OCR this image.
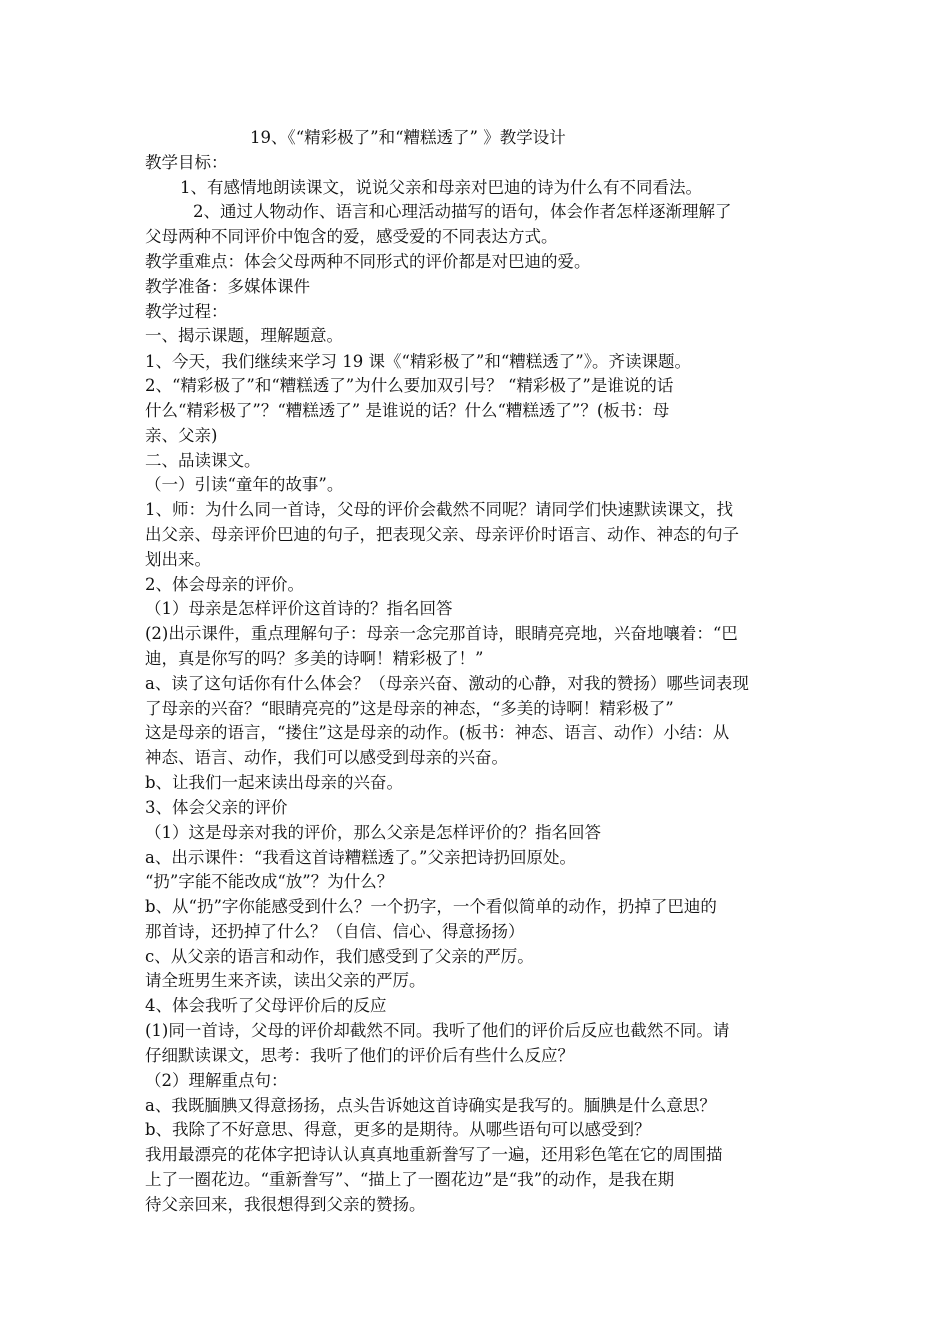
19、《“精彩极了”和“糟糕透了” 》教学设计
教学目标：
1、有感情地朗读课文，说说父亲和母亲对巴迪的诗为什么有不同看法。
2、通过人物动作、语言和心理活动描写的语句，体会作者怎样逐渐理解了
父母两种不同评价中饱含的爱，感受爱的不同表达方式。
教学重难点：体会父母两种不同形式的评价都是对巴迪的爱。
教学准备：多媒体课件
教学过程：
一、揭示课题，理解题意。
1、今天，我们继续来学习 19 课《“精彩极了”和“糟糕透了”》。齐读课题。
2、“精彩极了”和“糟糕透了”为什么要加双引号？ “精彩极了”是谁说的话
什么“精彩极了”？“糟糕透了” 是谁说的话？什么“糟糕透了”？(板书：母
亲、父亲)
二、品读课文。
（一）引读“童年的故事”。
1、师：为什么同一首诗，父母的评价会截然不同呢？请同学们快速默读课文，找
出父亲、母亲评价巴迪的句子，把表现父亲、母亲评价时语言、动作、神态的句子
划出来。
2、体会母亲的评价。
（1）母亲是怎样评价这首诗的？指名回答
(2)出示课件，重点理解句子：母亲一念完那首诗，眼睛亮亮地，兴奋地嚷着：“巴
迪，真是你写的吗？多美的诗啊！精彩极了！”
a、读了这句话你有什么体会？（母亲兴奋、激动的心静，对我的赞扬）哪些词表现
了母亲的兴奋？“眼睛亮亮的”这是母亲的神态，“多美的诗啊！精彩极了”
这是母亲的语言，“搂住”这是母亲的动作。(板书：神态、语言、动作）小结：从
神态、语言、动作，我们可以感受到母亲的兴奋。
b、让我们一起来读出母亲的兴奋。
3、体会父亲的评价
（1）这是母亲对我的评价，那么父亲是怎样评价的？指名回答
a、出示课件：“我看这首诗糟糕透了。”父亲把诗扔回原处。
“扔”字能不能改成“放”？为什么？
b、从“扔”字你能感受到什么？一个扔字，一个看似简单的动作，扔掉了巴迪的
那首诗，还扔掉了什么？（自信、信心、得意扬扬）
c、从父亲的语言和动作，我们感受到了父亲的严厉。
请全班男生来齐读，读出父亲的严厉。
4、体会我听了父母评价后的反应
(1)同一首诗，父母的评价却截然不同。我听了他们的评价后反应也截然不同。请
仔细默读课文，思考：我听了他们的评价后有些什么反应？
（2）理解重点句：
a、我既腼腆又得意扬扬，点头告诉她这首诗确实是我写的。腼腆是什么意思？
b、我除了不好意思、得意，更多的是期待。从哪些语句可以感受到？
我用最漂亮的花体字把诗认认真真地重新誊写了一遍，还用彩色笔在它的周围描
上了一圈花边。“重新誊写”、“描上了一圈花边”是“我”的动作，是我在期
待父亲回来，我很想得到父亲的赞扬。
